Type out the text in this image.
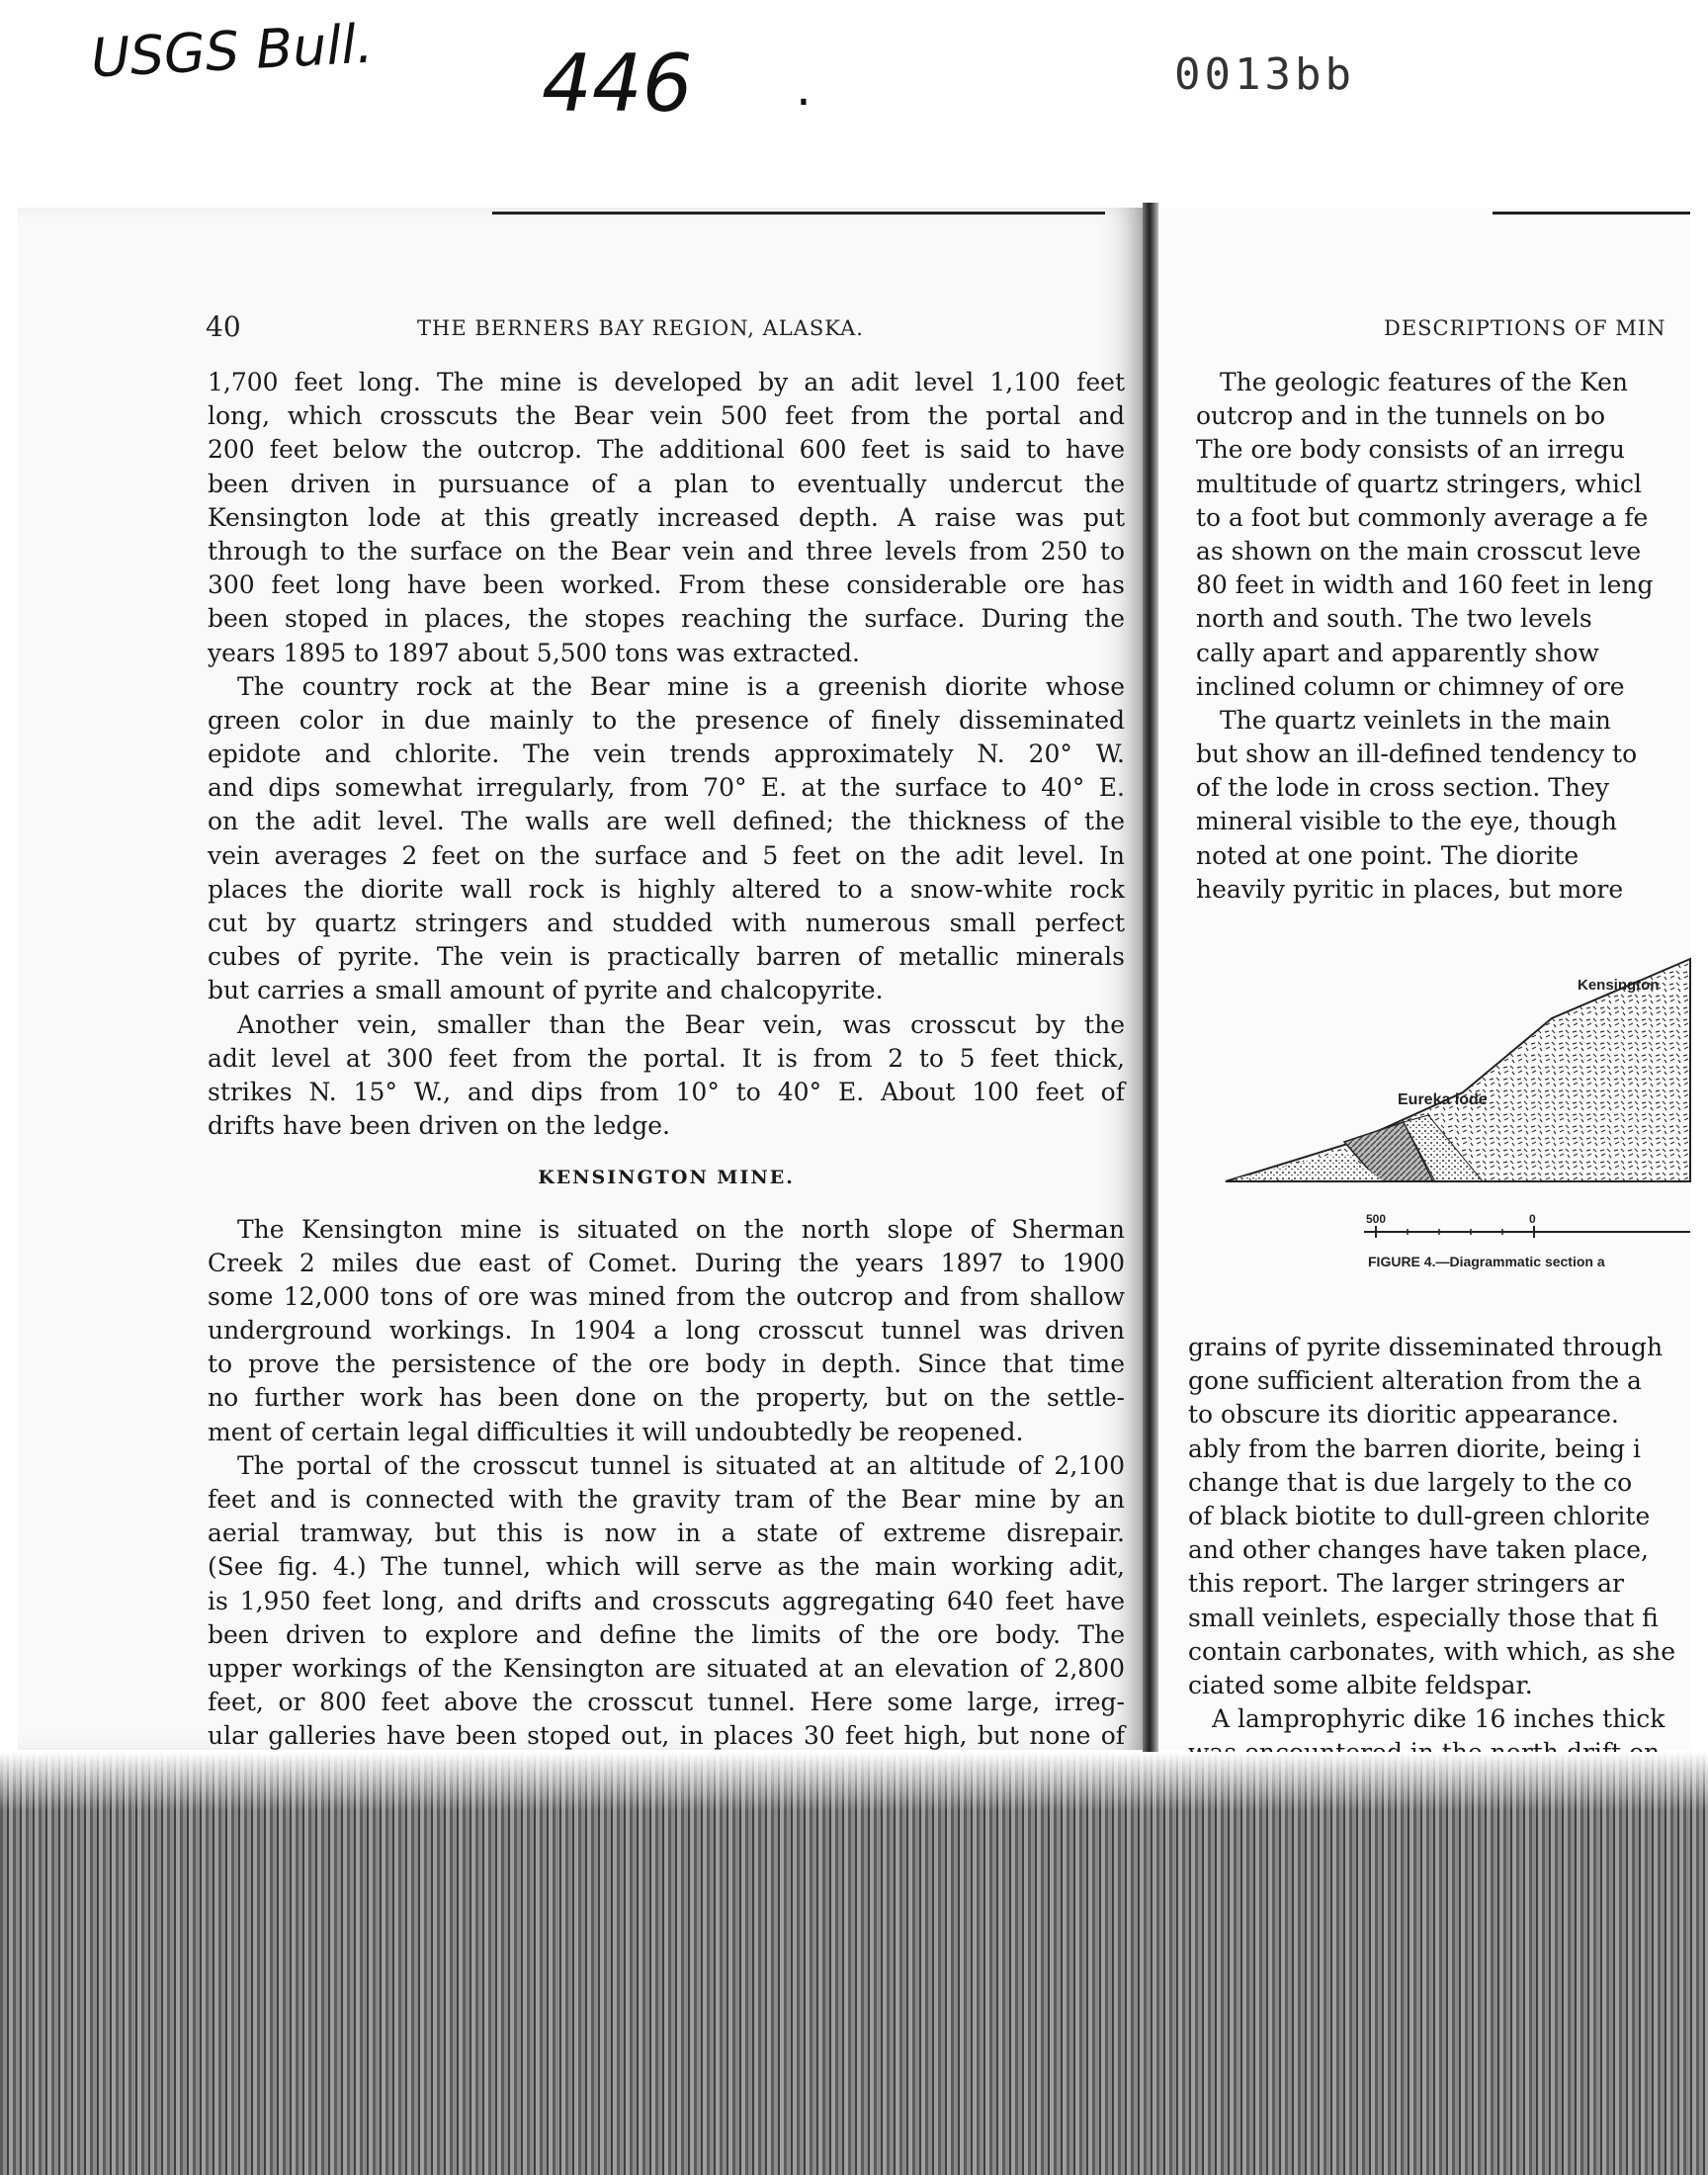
USGS Bull. 446 .	0013bb
40	THE BERNERS BAY REGION, ALASKA.
1,700 feet long. The mine is developed by an adit level 1,100 feet
long, which crosscuts the Bear vein 500 feet from the portal and
200 feet below the outcrop. The additional 600 feet is said to have
been driven in pursuance of a plan to eventually undercut the
Kensington lode at this greatly increased depth. A raise was put
through to the surface on the Bear vein and three levels from 250 to
300 feet long have been worked. From these considerable ore has
been stoped in places, the stopes reaching the surface. During the
years 1895 to 1897 about 5,500 tons was extracted.
The country rock at the Bear mine is a greenish diorite whose
green color in due mainly to the presence of finely disseminated
epidote and chlorite. The vein trends approximately N. 20° W.
and dips somewhat irregularly, from 70° E. at the surface to 40° E.
on the adit level. The walls are well defined; the thickness of the
vein averages 2 feet on the surface and 5 feet on the adit level. In
places the diorite wall rock is highly altered to a snow-white rock
cut by quartz stringers and studded with numerous small perfect
cubes of pyrite. The vein is practically barren of metallic minerals
but carries a small amount of pyrite and chalcopyrite.
Another vein, smaller than the Bear vein, was crosscut by the
adit level at 300 feet from the portal. It is from 2 to 5 feet thick,
strikes N. 15° W., and dips from 10° to 40° E. About 100 feet of
drifts have been driven on the ledge.
KENSINGTON MINE.
The Kensington mine is situated on the north slope of Sherman
Creek 2 miles due east of Comet. During the years 1897 to 1900
some 12,000 tons of ore was mined from the outcrop and from shallow
underground workings. In 1904 a long crosscut tunnel was driven
to prove the persistence of the ore body in depth. Since that time
no further work has been done on the property, but on the settle-
ment of certain legal difficulties it will undoubtedly be reopened.
The portal of the crosscut tunnel is situated at an altitude of 2,100
feet and is connected with the gravity tram of the Bear mine by an
aerial tramway, but this is now in a state of extreme disrepair.
(See fig. 4.) The tunnel, which will serve as the main working adit,
is 1,950 feet long, and drifts and crosscuts aggregating 640 feet have
been driven to explore and define the limits of the ore body. The
upper workings of the Kensington are situated at an elevation of 2,800
feet, or 800 feet above the crosscut tunnel. Here some large, irreg-
ular galleries have been stoped out, in places 30 feet high, but none of
DESCRIPTIONS OF MIN
The geologic features of the Ken
outcrop and in the tunnels on bo
The ore body consists of an irregu
multitude of quartz stringers, whicl
to a foot but commonly average a fe
as shown on the main crosscut leve
80 feet in width and 160 feet in leng
north and south. The two levels
cally apart and apparently show
inclined column or chimney of ore
The quartz veinlets in the main
but show an ill-defined tendency to
of the lode in cross section. They
mineral visible to the eye, though
noted at one point. The diorite
heavily pyritic in places, but more
Kensington
Eureka lode
500	0
FIGURE 4.—Diagrammatic section a
grains of pyrite disseminated through
gone sufficient alteration from the a
to obscure its dioritic appearance.
ably from the barren diorite, being i
change that is due largely to the co
of black biotite to dull-green chlorite
and other changes have taken place,
this report. The larger stringers ar
small veinlets, especially those that fi
contain carbonates, with which, as she
ciated some albite feldspar.
A lamprophyric dike 16 inches thick
